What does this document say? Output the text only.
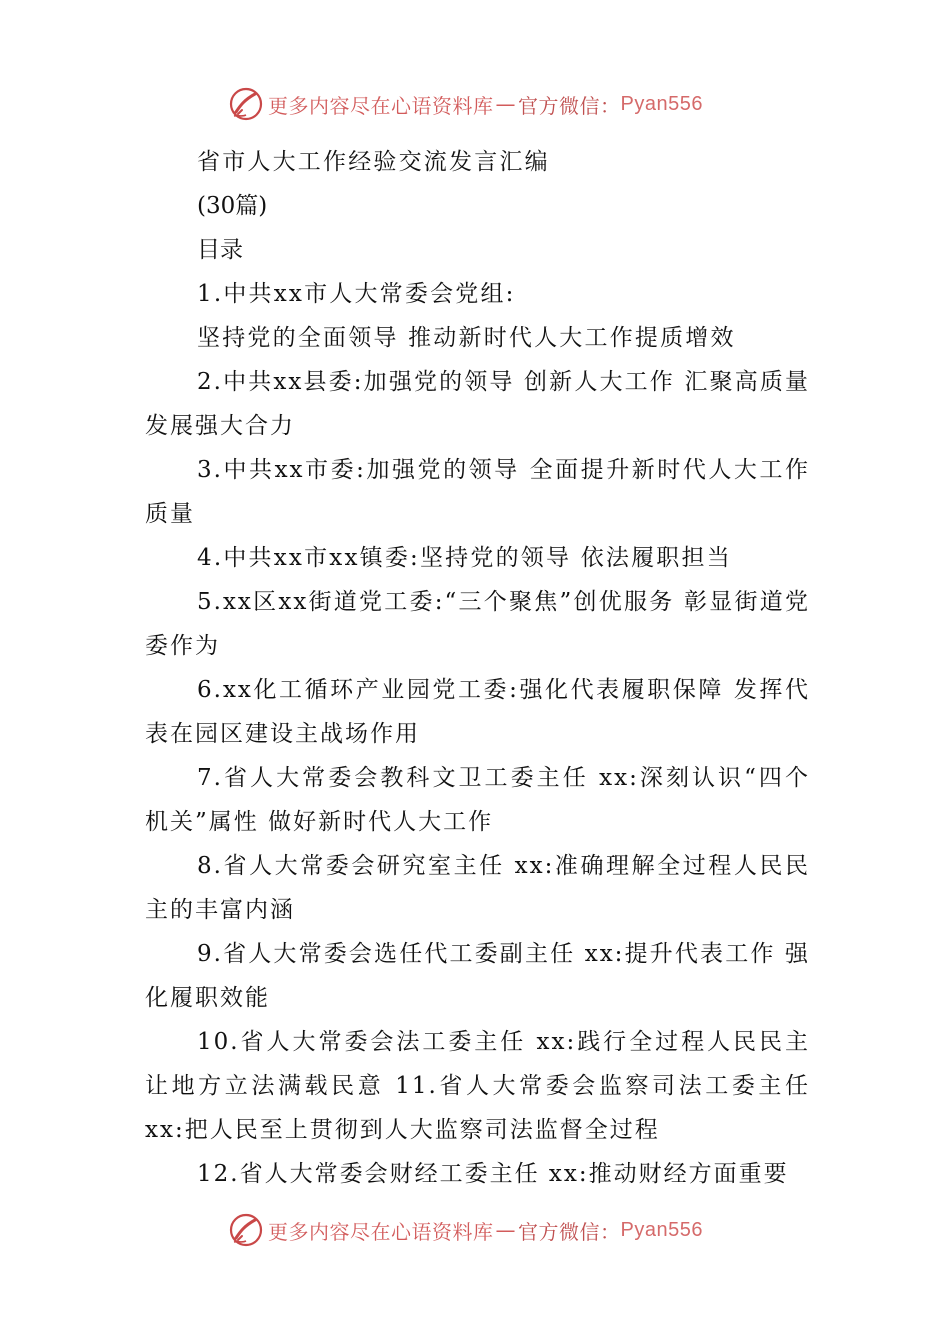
更多内容尽在心语资料库 — 官方微信： Pyan556

省市人大工作经验交流发言汇编

(30篇)

目录

1.中共xx市人大常委会党组:

坚持党的全面领导 推动新时代人大工作提质增效

2.中共xx县委:加强党的领导 创新人大工作 汇聚高质量发展强大合力

3.中共xx市委:加强党的领导 全面提升新时代人大工作质量

4.中共xx市xx镇委:坚持党的领导 依法履职担当

5.xx区xx街道党工委:“三个聚焦”创优服务 彰显街道党委作为

6.xx化工循环产业园党工委:强化代表履职保障 发挥代表在园区建设主战场作用

7.省人大常委会教科文卫工委主任 xx:深刻认识“四个机关”属性 做好新时代人大工作

8.省人大常委会研究室主任 xx:准确理解全过程人民民主的丰富内涵

9.省人大常委会选任代工委副主任 xx:提升代表工作 强化履职效能

10.省人大常委会法工委主任 xx:践行全过程人民民主 让地方立法满载民意 11.省人大常委会监察司法工委主任 xx:把人民至上贯彻到人大监察司法监督全过程

12.省人大常委会财经工委主任 xx:推动财经方面重要

更多内容尽在心语资料库 — 官方微信： Pyan556
